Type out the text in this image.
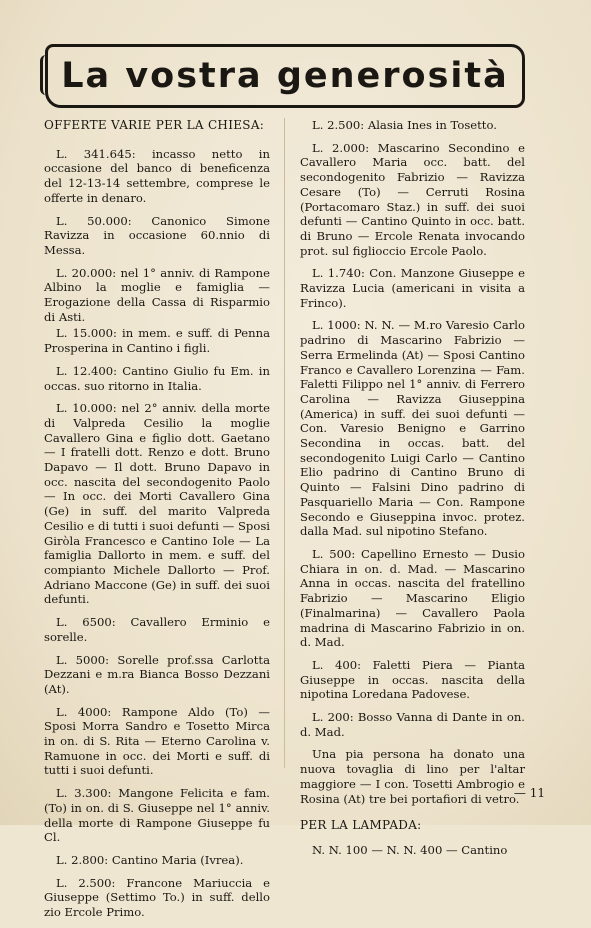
La vostra generosità
OFFERTE VARIE PER LA CHIESA:

L. 341.645: incasso netto in occasione del banco di beneficenza del 12-13-14 settembre, comprese le offerte in denaro.

L. 50.000: Canonico Simone Ravizza in occasione 60.nnio di Messa.

L. 20.000: nel 1° anniv. di Rampone Albino la moglie e famiglia — Erogazione della Cassa di Risparmio di Asti.

L. 15.000: in mem. e suff. di Penna Prosperina in Cantino i figli.

L. 12.400: Cantino Giulio fu Em. in occas. suo ritorno in Italia.

L. 10.000: nel 2° anniv. della morte di Valpreda Cesilio la moglie Cavallero Gina e figlio dott. Gaetano — I fratelli dott. Renzo e dott. Bruno Dapavo — Il dott. Bruno Dapavo in occ. nascita del secondogenito Paolo — In occ. dei Morti Cavallero Gina (Ge) in suff. del marito Valpreda Cesilio e di tutti i suoi defunti — Sposi Giròla Francesco e Cantino Iole — La famiglia Dallorto in mem. e suff. del compianto Michele Dallorto — Prof. Adriano Maccone (Ge) in suff. dei suoi defunti.

L. 6500: Cavallero Erminio e sorelle.

L. 5000: Sorelle prof.ssa Carlotta Dezzani e m.ra Bianca Bosso Dezzani (At).

L. 4000: Rampone Aldo (To) — Sposi Morra Sandro e Tosetto Mirca in on. di S. Rita — Eterno Carolina v. Ramuone in occ. dei Morti e suff. di tutti i suoi defunti.

L. 3.300: Mangone Felicita e fam. (To) in on. di S. Giuseppe nel 1° anniv. della morte di Rampone Giuseppe fu Cl.

L. 2.800: Cantino Maria (Ivrea).

L. 2.500: Francone Mariuccia e Giuseppe (Settimo To.) in suff. dello zio Ercole Primo.

L. 2.500: Alasia Ines in Tosetto.

L. 2.000: Mascarino Secondino e Cavallero Maria occ. batt. del secondogenito Fabrizio — Ravizza Cesare (To) — Cerruti Rosina (Portacomaro Staz.) in suff. dei suoi defunti — Cantino Quinto in occ. batt. di Bruno — Ercole Renata invocando prot. sul figlioccio Ercole Paolo.

L. 1.740: Con. Manzone Giuseppe e Ravizza Lucia (americani in visita a Frinco).

L. 1000: N. N. — M.ro Varesio Carlo padrino di Mascarino Fabrizio — Serra Ermelinda (At) — Sposi Cantino Franco e Cavallero Lorenzina — Fam. Faletti Filippo nel 1° anniv. di Ferrero Carolina — Ravizza Giuseppina (America) in suff. dei suoi defunti — Con. Varesio Benigno e Garrino Secondina in occas. batt. del secondogenito Luigi Carlo — Cantino Elio padrino di Cantino Bruno di Quinto — Falsini Dino padrino di Pasquariello Maria — Con. Rampone Secondo e Giuseppina invoc. protez. dalla Mad. sul nipotino Stefano.

L. 500: Capellino Ernesto — Dusio Chiara in on. d. Mad. — Mascarino Anna in occas. nascita del fratellino Fabrizio — Mascarino Eligio (Finalmarina) — Cavallero Paola madrina di Mascarino Fabrizio in on. d. Mad.

L. 400: Faletti Piera — Pianta Giuseppe in occas. nascita della nipotina Loredana Padovese.

L. 200: Bosso Vanna di Dante in on. d. Mad.

Una pia persona ha donato una nuova tovaglia di lino per l'altar maggiore — I con. Tosetti Ambrogio e Rosina (At) tre bei portafiori di vetro.

PER LA LAMPADA:

N. N. 100 — N. N. 400 — Cantino

— 11
